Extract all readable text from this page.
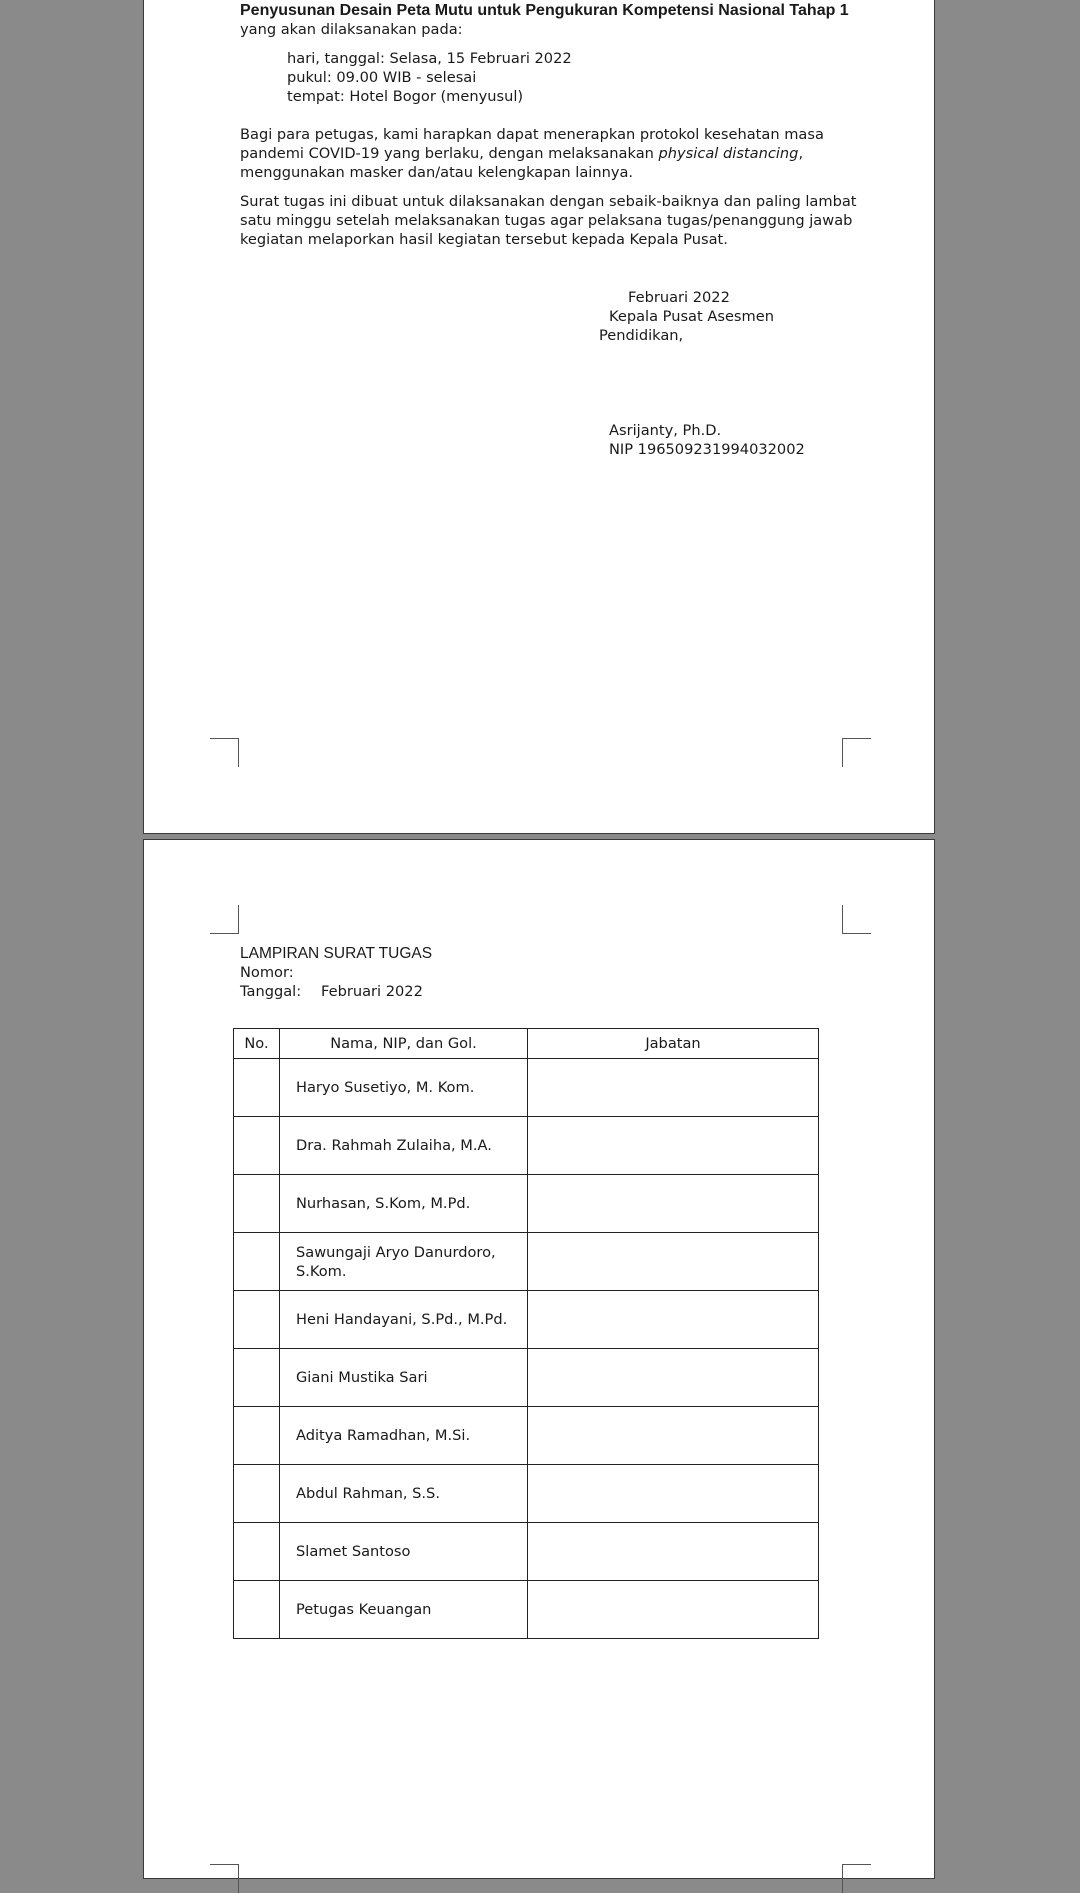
Penyusunan Desain Peta Mutu untuk Pengukuran Kompetensi Nasional Tahap 1
yang akan dilaksanakan pada:
hari, tanggal: Selasa, 15 Februari 2022
pukul: 09.00 WIB - selesai
tempat: Hotel Bogor (menyusul)
Bagi para petugas, kami harapkan dapat menerapkan protokol kesehatan masa
pandemi COVID-19 yang berlaku, dengan melaksanakan physical distancing,
menggunakan masker dan/atau kelengkapan lainnya.
Surat tugas ini dibuat untuk dilaksanakan dengan sebaik-baiknya dan paling lambat
satu minggu setelah melaksanakan tugas agar pelaksana tugas/penanggung jawab
kegiatan melaporkan hasil kegiatan tersebut kepada Kepala Pusat.
Februari 2022
Kepala Pusat Asesmen
Pendidikan,
Asrijanty, Ph.D.
NIP 196509231994032002
LAMPIRAN SURAT TUGAS
Nomor:
Tanggal: Februari 2022
No.	Nama, NIP, dan Gol.	Jabatan

	Haryo Susetiyo, M. Kom.	

	Dra. Rahmah Zulaiha, M.A.	

	Nurhasan, S.Kom, M.Pd.	

	Sawungaji Aryo Danurdoro, S.Kom.	

	Heni Handayani, S.Pd., M.Pd.	

	Giani Mustika Sari	

	Aditya Ramadhan, M.Si.	

	Abdul Rahman, S.S.	

	Slamet Santoso	

	Petugas Keuangan	
